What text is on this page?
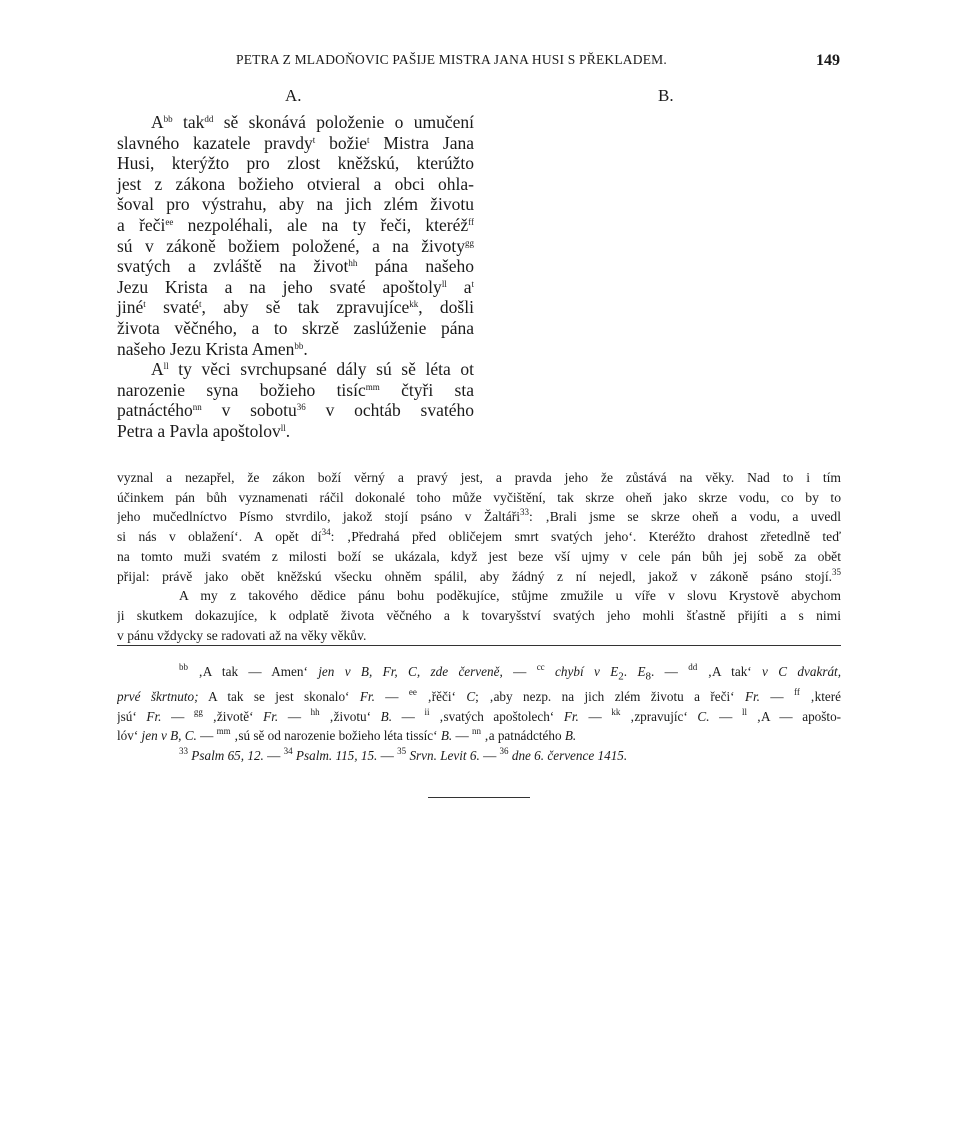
PETRA Z MLADOŇOVIC PAŠIJE MISTRA JANA HUSI S PŘEKLADEM.	149
A.	B.
$A^{bb}$ tak$^{dd}$ sě skonává položenie o umučení
slavného kazatele pravdy$^t$ božie$^t$ Mistra Jana
Husi, kterýžto pro zlost kněžskú, kterúžto
jest z zákona božieho otvieral a obci ohla-
šoval pro výstrahu, aby na jich zlém životu
a řeči$^{ee}$ nezpoléhali, ale na ty řeči, kteréž$^{ff}$
sú v zákoně božiem položené, a na životy$^{gg}$
svatých a zvláště na život$^{hh}$ pána našeho
Jezu Krista a na jeho svaté apoštoly$^{ll}$ $a^t$
jiné$^t$ svaté$^t$, aby sě tak zpravujíce$^{kk}$, došli
života věčného, a to skrzě zaslúženie pána
našeho Jezu Krista Amen$^{bb}$.
$A^{ll}$ ty věci svrchupsané dály sú sě léta ot
narozenie syna božieho tisíc$^{mm}$ čtyři sta
patnáctého$^{nn}$ v sobotu$^{36}$ v ochtáb svatého
Petra a Pavla apoštolov$^{ll}$.
vyznal a nezapřel, že zákon boží věrný a pravý jest, a pravda jeho že zůstává na věky. Nad to i tím
účinkem pán bůh vyznamenati ráčil dokonalé toho může vyčištění, tak skrze oheň jako skrze vodu, co by to
jeho mučedlníctvo Písmo stvrdilo, jakož stojí psáno v Žaltáři$^{33}$: ‚Brali jsme se skrze oheň a vodu, a uvedl
si nás v oblažení‘. A opět $dí^{34}$: ‚Předrahá před obličejem smrt svatých jeho‘. Kteréžto drahost zřetedlně teď
na tomto muži svatém z milosti boží se ukázala, když jest beze vší ujmy v cele pán bůh jej sobě za obět
přijal: právě jako obět kněžskú všecku ohněm spálil, aby žádný z ní nejedl, jakož v zákoně psáno stojí.$^{35}$
A my z takového dědice pánu bohu poděkujíce, stůjme zmužile u víře v slovu Krystově abychom
ji skutkem dokazujíce, k odplatě života věčného a k tovaryšství svatých jeho mohli šťastně přijíti a s nimi
v pánu vždycky se radovati až na věky věkův.
$^{bb}$ ‚A tak — Amen‘ jen v B, Fr, C, zde červeně, — $^{cc}$ chybí v $E_2$. $E_8$. — $^{dd}$ ‚A tak‘ v C dvakrát,
prvé škrtnuto; A tak se jest skonalo‘ Fr. — $^{ee}$ ‚řěči‘ C; ‚aby nezp. na jich zlém životu a řeči‘ Fr. — $^{ff}$ ‚které
jsú‘ Fr. — $^{gg}$ ‚životě‘ Fr. — $^{hh}$ ‚životu‘ B. — $^{ii}$ ‚svatých apoštolech‘ Fr. — $^{kk}$ ‚zpravujíc‘ C. — $^{ll}$ ‚A — apošto-
lóv‘ jen v B, C. — $^{mm}$ ‚sú sě od narozenie božieho léta tissíc‘ B. — $^{nn}$ ‚a patnádctého B.
$^{33}$ Psalm 65, 12. — $^{34}$ Psalm. 115, 15. — $^{35}$ Srvn. Levit 6. — $^{36}$ dne 6. července 1415.
